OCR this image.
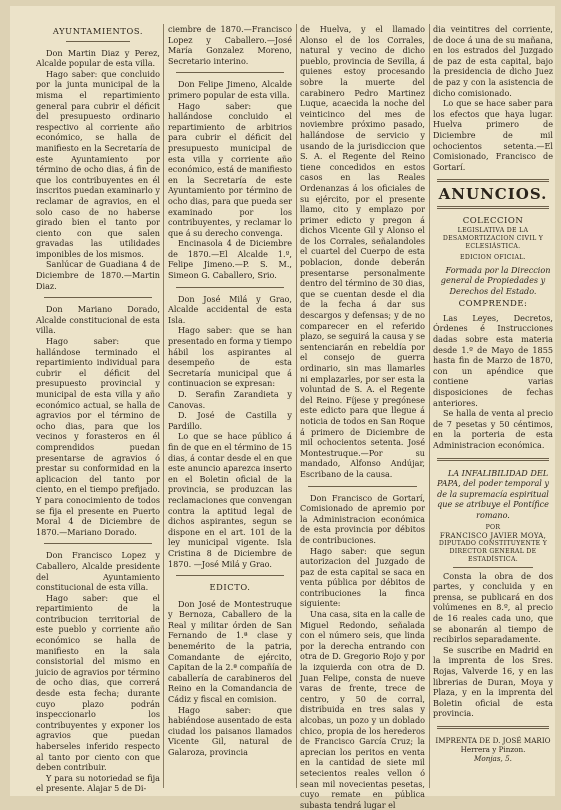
AYUNTAMIENTOS.

Don Martin Diaz y Perez, Alcalde popular de esta villa.

Hago saber: que concluido por la junta municipal de la misma el repartimiento general para cubrir el déficit del presupuesto ordinario respectivo al corriente año económico, se halla de manifiesto en la Secretaría de este Ayuntamiento por término de ocho dias, á fin de que los contribuyentes en él inscritos puedan examinarlo y reclamar de agravios, en el solo caso de no haberse girado bien el tanto por ciento con que salen gravadas las utilidades imponibles de los mismos.

Sanlúcar de Guadiana 4 de Diciembre de 1870.—Martin Diaz.

Don Mariano Dorado, Alcalde constitucional de esta villa.

Hago saber: que hallándose terminado el repartimiento individual para cubrir el déficit del presupuesto provincial y municipal de esta villa y año económico actual, se halla de agravios por el término de ocho dias, para que los vecinos y forasteros en él comprendidos puedan presentarse de agravios ó prestar su conformidad en la aplicacion del tanto por ciento, en el tiempo prefijado. Y para conocimiento de todos se fija el presente en Puerto Moral 4 de Diciembre de 1870.—Mariano Dorado.

Don Francisco Lopez y Caballero, Alcalde presidente del Ayuntamiento constitucional de esta villa.

Hago saber: que el repartimiento de la contribucion territorial de este pueblo y corriente año económico se halla de manifiesto en la sala consistorial del mismo en juicio de agravios por término de ocho dias, que correrá desde esta fecha; durante cuyo plazo podrán inspeccionarlo los contribuyentes y exponer los agravios que puedan haberseles inferido respecto al tanto por ciento con que deben contribuir.

Y para su notoriedad se fija el presente. Alajar 5 de Di-

ciembre de 1870.—Francisco Lopez y Caballero.—José María Gonzalez Moreno, Secretario interino.

Don Felipe Jimeno, Alcalde primero popular de esta villa.

Hago saber: que hallándose concluido el repartimiento de arbitrios para cubrir el déficit del presupuesto municipal de esta villa y corriente año económico, está de manifiesto en la Secretaría de este Ayuntamiento por término de ocho dias, para que pueda ser examinado por los contribuyentes, y reclamar lo que á su derecho convenga.

Encinasola 4 de Diciembre de 1870.—El Alcalde 1.º, Felipe Jimeno.—P. S. M., Simeon G. Caballero, Srio.

Don José Milá y Grao, Alcalde accidental de esta Isla.

Hago saber: que se han presentado en forma y tiempo hábil los aspirantes al desempeño de esta Secretaría municipal que á continuacion se expresan:

D. Serafin Zarandieta y Canovas.

D. José de Castilla y Pardillo.

Lo que se hace público á fin de que en el término de 15 dias, á contar desde el en que este anuncio aparezca inserto en el Boletin oficial de la provincia, se produzcan las reclamaciones que convengan contra la aptitud legal de dichos aspirantes, segun se dispone en el art. 101 de la ley municipal vigente. Isla Cristina 8 de Diciembre de 1870. —José Milá y Grao.

EDICTO.

Don José de Montestruque y Bernoza, Caballero de la Real y militar órden de San Fernando de 1.ª clase y benemérito de la patria, Comandante de ejército, Capitan de la 2.ª compañía de caballería de carabineros del Reino en la Comandancia de Cádiz y fiscal en comision.

Hago saber: que habiéndose ausentado de esta ciudad los paisanos llamados Vicente Gil, natural de Galaroza, provincia

de Huelva, y el llamado Alonso el de los Corrales, natural y vecino de dicho pueblo, provincia de Sevilla, á quienes estoy procesando sobre la muerte del carabinero Pedro Martinez Luque, acaecida la noche del veinticinco del mes de noviembre próximo pasado, hallándose de servicio y usando de la jurisdiccion que S. A. el Regente del Reino tiene concedidos en estos casos en las Reales Ordenanzas á los oficiales de su ejército, por el presente llamo, cito y emplazo por primer edicto y pregon á dichos Vicente Gil y Alonso el de los Corrales, señalandoles el cuartel del Cuerpo de esta poblacion, donde deberán presentarse personalmente dentro del término de 30 dias, que se cuentan desde el dia de la fecha á dar sus descargos y defensas; y de no comparecer en el referido plazo, se seguirá la causa y se sentenciarán en rebeldía por el consejo de guerra ordinario, sin mas llamarles ni emplazarles, por ser esta la voluntad de S. A. el Regente del Reino. Fíjese y pregónese este edicto para que llegue á noticia de todos en San Roque á primero de Diciembre de mil ochocientos setenta. José Montestruque.—Por su mandado, Alfonso Andújar, Escribano de la causa.

Don Francisco de Gortarí, Comisionado de apremio por la Administracion económica de esta provincia por débitos de contribuciones.

Hago saber: que segun autorizacion del Juzgado de paz de esta capital se saca en venta pública por débitos de contribuciones la finca siguiente:

Una casa, sita en la calle de Miguel Redondo, señalada con el número seis, que linda por la derecha entrando con otra de D. Gregorio Rojo y por la izquierda con otra de D. Juan Felipe, consta de nueve varas de frente, trece de centro, y 50 de corral, distribuida en tres salas y alcobas, un pozo y un doblado chico, propia de los herederos de Francisco García Cruz; la aprecian los peritos en venta en la cantidad de siete mil setecientos reales vellon ó sean mil novecientas pesetas, cuyo remate en pública subasta tendrá lugar el

dia veintitres del corriente, de doce á una de su mañana, en los estrados del Juzgado de paz de esta capital, bajo la presidencia de dicho Juez de paz y con la asistencia de dicho comisionado.

Lo que se hace saber para los efectos que haya lugar. Huelva primero de Diciembre de mil ochocientos setenta.—El Comisionado, Francisco de Gortarí.

ANUNCIOS.
COLECCION
LEGISLATIVA DE LA DESAMORTIZACION CIVIL Y ECLESIÁSTICA.
EDICION OFICIAL.

Formada por la Direccion general de Propiedades y Derechos del Estado.

COMPRENDE:

Las Leyes, Decretos, Órdenes é Instrucciones dadas sobre esta materia desde 1.º de Mayo de 1855 hasta fin de Marzo de 1870, con un apéndice que contiene varias disposiciones de fechas anteriores.

Se halla de venta al precio de 7 pesetas y 50 céntimos, en la porteria de esta Administracion económica.

LA INFALIBILIDAD DEL PAPA, del poder temporal y de la supremacía espiritual que se atribuye el Pontífice romano.

POR
FRANCISCO JAVIER MOYA,
DIPUTADO CONSTITUYENTE Y DIRECTOR GENERAL DE ESTADÍSTICA.

Consta la obra de dos partes, y concluida y en prensa, se publicará en dos volúmenes en 8.º, al precio de 16 reales cada uno, que se abonarán al tiempo de recibirlos separadamente.

Se suscribe en Madrid en la imprenta de los Sres. Rojas, Valverde 16, y en las librerias de Duran, Moya y Plaza, y en la imprenta del Boletin oficial de esta provincia.

IMPRENTA DE D. JOSÉ MARIO Herrera y Pinzon.
Monjas, 5.
